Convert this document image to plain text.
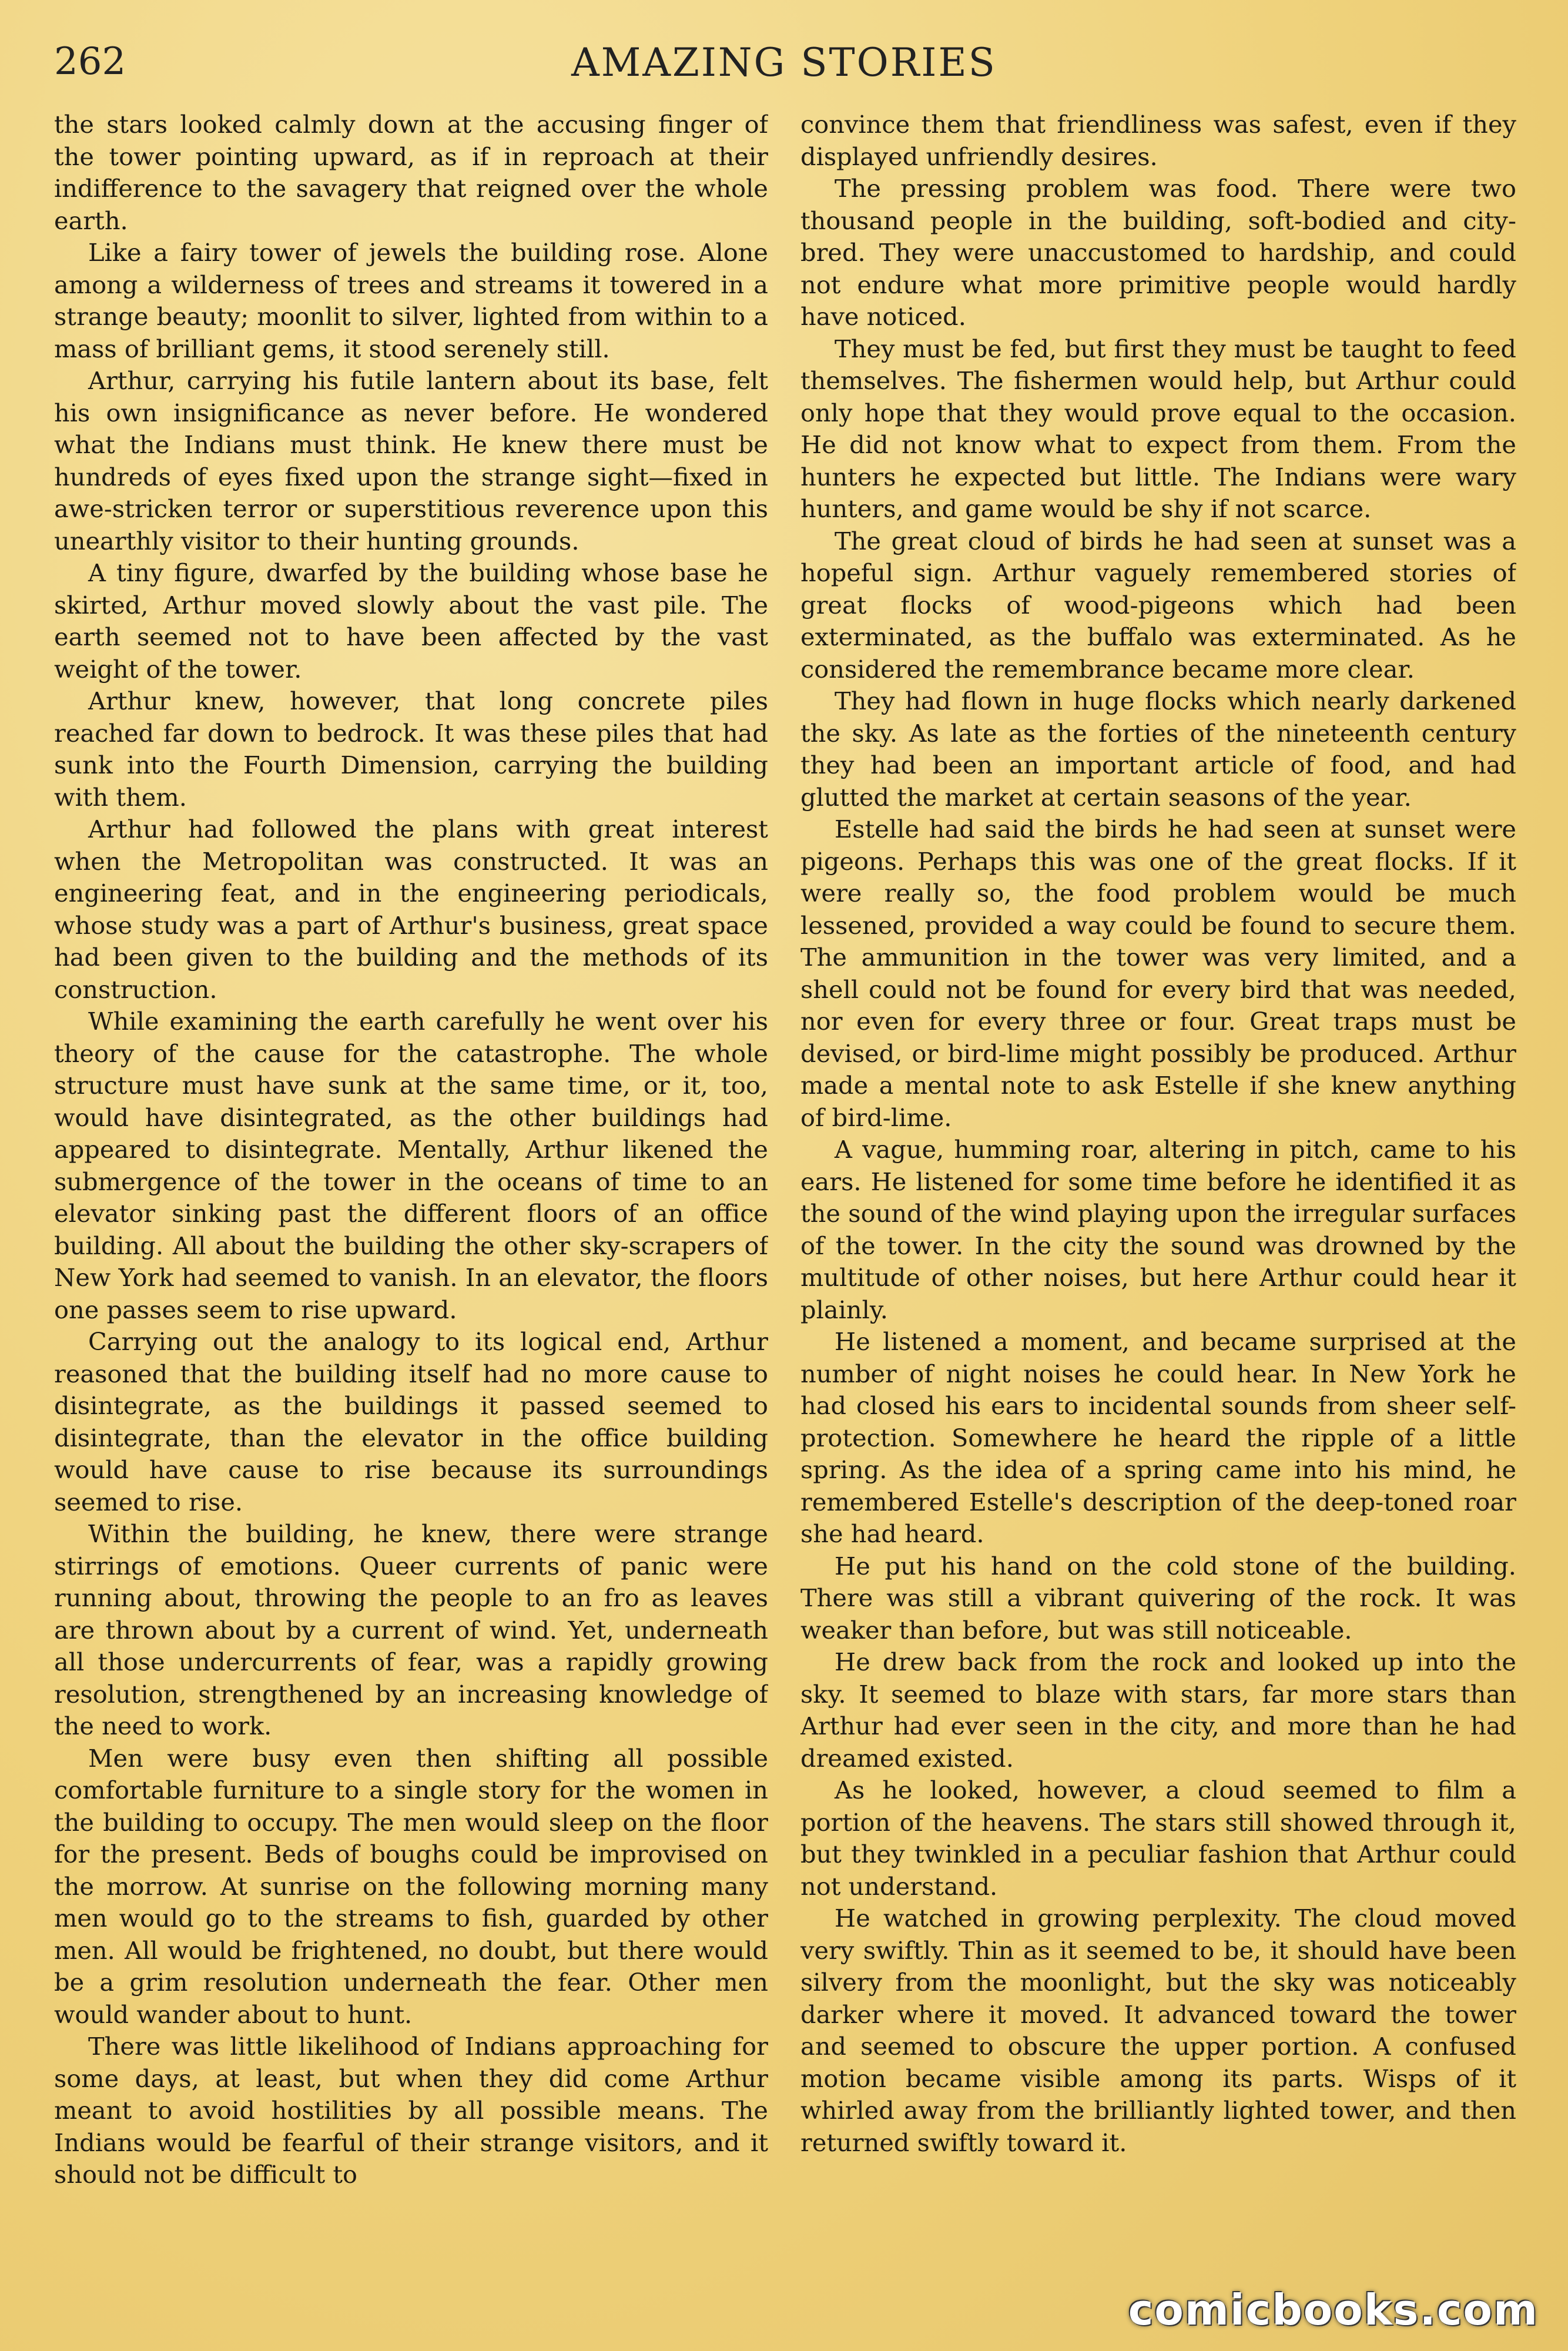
262	AMAZING STORIES

the stars looked calmly down at the accusing finger of the tower pointing upward, as if in reproach at their indifference to the savagery that reigned over the whole earth.

Like a fairy tower of jewels the building rose. Alone among a wilderness of trees and streams it towered in a strange beauty; moonlit to silver, lighted from within to a mass of brilliant gems, it stood serenely still.

Arthur, carrying his futile lantern about its base, felt his own insignificance as never before. He wondered what the Indians must think. He knew there must be hundreds of eyes fixed upon the strange sight—fixed in awe-stricken terror or superstitious reverence upon this unearthly visitor to their hunting grounds.

A tiny figure, dwarfed by the building whose base he skirted, Arthur moved slowly about the vast pile. The earth seemed not to have been affected by the vast weight of the tower.

Arthur knew, however, that long concrete piles reached far down to bedrock. It was these piles that had sunk into the Fourth Dimension, carrying the building with them.

Arthur had followed the plans with great interest when the Metropolitan was constructed. It was an engineering feat, and in the engineering periodicals, whose study was a part of Arthur's business, great space had been given to the building and the methods of its construction.

While examining the earth carefully he went over his theory of the cause for the catastrophe. The whole structure must have sunk at the same time, or it, too, would have disintegrated, as the other buildings had appeared to disintegrate. Mentally, Arthur likened the submergence of the tower in the oceans of time to an elevator sinking past the different floors of an office building. All about the building the other sky-scrapers of New York had seemed to vanish. In an elevator, the floors one passes seem to rise upward.

Carrying out the analogy to its logical end, Arthur reasoned that the building itself had no more cause to disintegrate, as the buildings it passed seemed to disintegrate, than the elevator in the office building would have cause to rise because its surroundings seemed to rise.

Within the building, he knew, there were strange stirrings of emotions. Queer currents of panic were running about, throwing the people to an fro as leaves are thrown about by a current of wind. Yet, underneath all those undercurrents of fear, was a rapidly growing resolution, strengthened by an increasing knowledge of the need to work.

Men were busy even then shifting all possible comfortable furniture to a single story for the women in the building to occupy. The men would sleep on the floor for the present. Beds of boughs could be improvised on the morrow. At sunrise on the following morning many men would go to the streams to fish, guarded by other men. All would be frightened, no doubt, but there would be a grim resolution underneath the fear. Other men would wander about to hunt.

There was little likelihood of Indians approaching for some days, at least, but when they did come Arthur meant to avoid hostilities by all possible means. The Indians would be fearful of their strange visitors, and it should not be difficult to

convince them that friendliness was safest, even if they displayed unfriendly desires.

The pressing problem was food. There were two thousand people in the building, soft-bodied and city-bred. They were unaccustomed to hardship, and could not endure what more primitive people would hardly have noticed.

They must be fed, but first they must be taught to feed themselves. The fishermen would help, but Arthur could only hope that they would prove equal to the occasion. He did not know what to expect from them. From the hunters he expected but little. The Indians were wary hunters, and game would be shy if not scarce.

The great cloud of birds he had seen at sunset was a hopeful sign. Arthur vaguely remembered stories of great flocks of wood-pigeons which had been exterminated, as the buffalo was exterminated. As he considered the remembrance became more clear.

They had flown in huge flocks which nearly darkened the sky. As late as the forties of the nineteenth century they had been an important article of food, and had glutted the market at certain seasons of the year.

Estelle had said the birds he had seen at sunset were pigeons. Perhaps this was one of the great flocks. If it were really so, the food problem would be much lessened, provided a way could be found to secure them. The ammunition in the tower was very limited, and a shell could not be found for every bird that was needed, nor even for every three or four. Great traps must be devised, or bird-lime might possibly be produced. Arthur made a mental note to ask Estelle if she knew anything of bird-lime.

A vague, humming roar, altering in pitch, came to his ears. He listened for some time before he identified it as the sound of the wind playing upon the irregular surfaces of the tower. In the city the sound was drowned by the multitude of other noises, but here Arthur could hear it plainly.

He listened a moment, and became surprised at the number of night noises he could hear. In New York he had closed his ears to incidental sounds from sheer self-protection. Somewhere he heard the ripple of a little spring. As the idea of a spring came into his mind, he remembered Estelle's description of the deep-toned roar she had heard.

He put his hand on the cold stone of the building. There was still a vibrant quivering of the rock. It was weaker than before, but was still noticeable.

He drew back from the rock and looked up into the sky. It seemed to blaze with stars, far more stars than Arthur had ever seen in the city, and more than he had dreamed existed.

As he looked, however, a cloud seemed to film a portion of the heavens. The stars still showed through it, but they twinkled in a peculiar fashion that Arthur could not understand.

He watched in growing perplexity. The cloud moved very swiftly. Thin as it seemed to be, it should have been silvery from the moonlight, but the sky was noticeably darker where it moved. It advanced toward the tower and seemed to obscure the upper portion. A confused motion became visible among its parts. Wisps of it whirled away from the brilliantly lighted tower, and then returned swiftly toward it.

comicbooks.com
